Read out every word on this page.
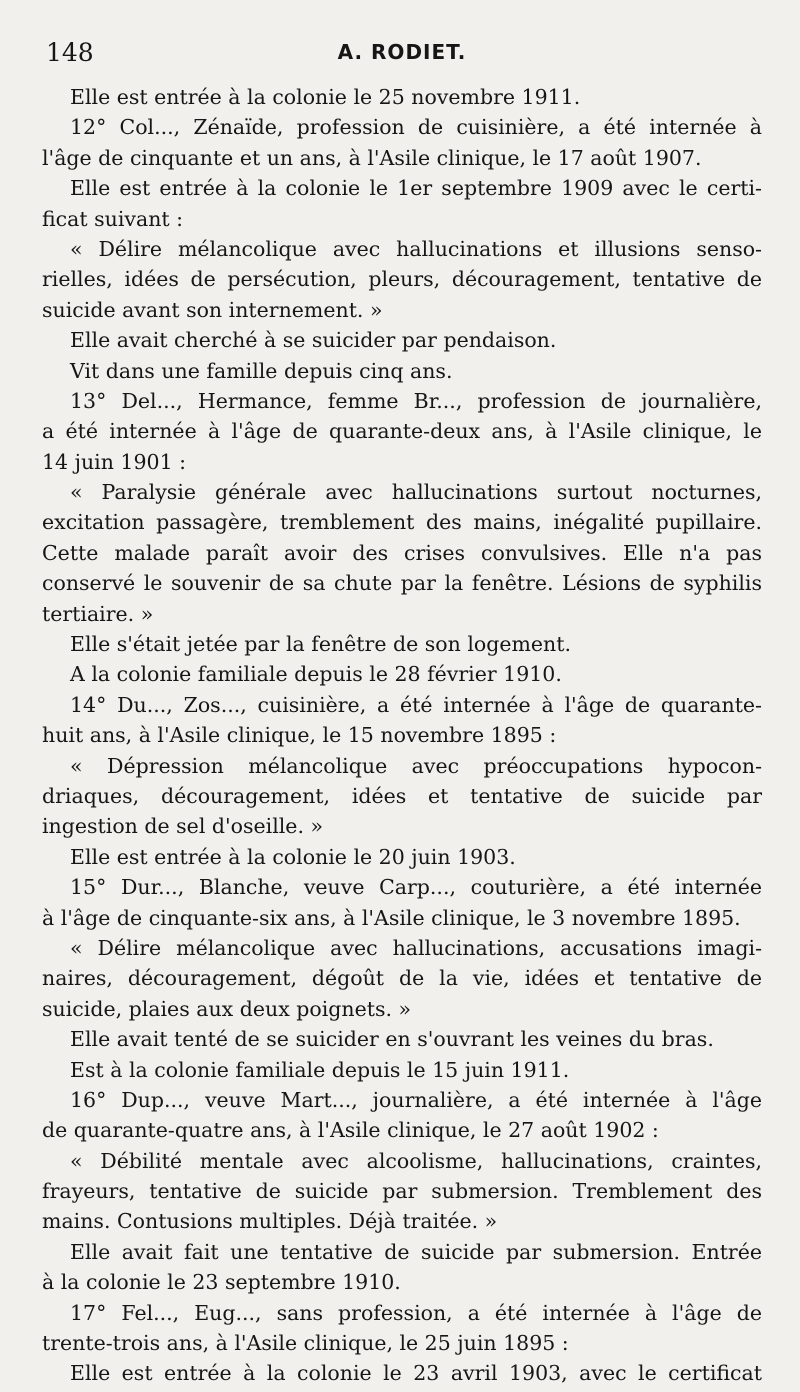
148	A. RODIET.
Elle est entrée à la colonie le 25 novembre 1911.
12° Col..., Zénaïde, profession de cuisinière, a été internée à
l'âge de cinquante et un ans, à l'Asile clinique, le 17 août 1907.
Elle est entrée à la colonie le 1er septembre 1909 avec le certi-
ficat suivant :
« Délire mélancolique avec hallucinations et illusions senso-
rielles, idées de persécution, pleurs, découragement, tentative de
suicide avant son internement. »
Elle avait cherché à se suicider par pendaison.
Vit dans une famille depuis cinq ans.
13° Del..., Hermance, femme Br..., profession de journalière,
a été internée à l'âge de quarante-deux ans, à l'Asile clinique, le
14 juin 1901 :
« Paralysie générale avec hallucinations surtout nocturnes,
excitation passagère, tremblement des mains, inégalité pupillaire.
Cette malade paraît avoir des crises convulsives. Elle n'a pas
conservé le souvenir de sa chute par la fenêtre. Lésions de syphilis
tertiaire. »
Elle s'était jetée par la fenêtre de son logement.
A la colonie familiale depuis le 28 février 1910.
14° Du..., Zos..., cuisinière, a été internée à l'âge de quarante-
huit ans, à l'Asile clinique, le 15 novembre 1895 :
« Dépression mélancolique avec préoccupations hypocon-
driaques, découragement, idées et tentative de suicide par
ingestion de sel d'oseille. »
Elle est entrée à la colonie le 20 juin 1903.
15° Dur..., Blanche, veuve Carp..., couturière, a été internée
à l'âge de cinquante-six ans, à l'Asile clinique, le 3 novembre 1895.
« Délire mélancolique avec hallucinations, accusations imagi-
naires, découragement, dégoût de la vie, idées et tentative de
suicide, plaies aux deux poignets. »
Elle avait tenté de se suicider en s'ouvrant les veines du bras.
Est à la colonie familiale depuis le 15 juin 1911.
16° Dup..., veuve Mart..., journalière, a été internée à l'âge
de quarante-quatre ans, à l'Asile clinique, le 27 août 1902 :
« Débilité mentale avec alcoolisme, hallucinations, craintes,
frayeurs, tentative de suicide par submersion. Tremblement des
mains. Contusions multiples. Déjà traitée. »
Elle avait fait une tentative de suicide par submersion. Entrée
à la colonie le 23 septembre 1910.
17° Fel..., Eug..., sans profession, a été internée à l'âge de
trente-trois ans, à l'Asile clinique, le 25 juin 1895 :
Elle est entrée à la colonie le 23 avril 1903, avec le certificat
